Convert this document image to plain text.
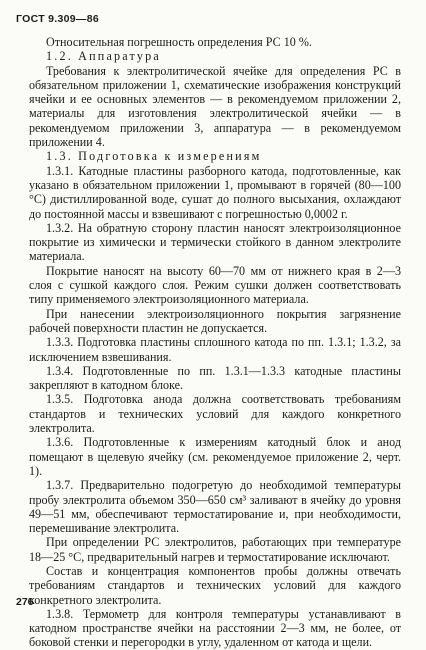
ГОСТ 9.309—86

Относительная погрешность определения РС 10 %.

1.2. Аппаратура

Требования к электролитической ячейке для определения РС в обязательном приложении 1, схематические изображения конструкций ячейки и ее основных элементов — в рекомендуемом приложении 2, материалы для изготовления электролитической ячейки — в рекомендуемом приложении 3, аппаратура — в рекомендуемом приложении 4.

1.3. Подготовка к измерениям

1.3.1. Катодные пластины разборного катода, подготовленные, как указано в обязательном приложении 1, промывают в горячей (80—100 °С) дистиллированной воде, сушат до полного высыхания, охлаждают до постоянной массы и взвешивают с погрешностью 0,0002 г.

1.3.2. На обратную сторону пластин наносят электроизоляционное покрытие из химически и термически стойкого в данном электролите материала.

Покрытие наносят на высоту 60—70 мм от нижнего края в 2—3 слоя с сушкой каждого слоя. Режим сушки должен соответствовать типу применяемого электроизоляционного материала.

При нанесении электроизоляционного покрытия загрязнение рабочей поверхности пластин не допускается.

1.3.3. Подготовка пластины сплошного катода по пп. 1.3.1; 1.3.2, за исключением взвешивания.

1.3.4. Подготовленные по пп. 1.3.1—1.3.3 катодные пластины закрепляют в катодном блоке.

1.3.5. Подготовка анода должна соответствовать требованиям стандартов и технических условий для каждого конкретного электролита.

1.3.6. Подготовленные к измерениям катодный блок и анод помещают в щелевую ячейку (см. рекомендуемое приложение 2, черт. 1).

1.3.7. Предварительно подогретую до необходимой температуры пробу электролита объемом 350—650 см³ заливают в ячейку до уровня 49—51 мм, обеспечивают термостатирование и, при необходимости, перемешивание электролита.

При определении РС электролитов, работающих при температуре 18—25 °С, предварительный нагрев и термостатирование исключают.

Состав и концентрация компонентов пробы должны отвечать требованиям стандартов и технических условий для каждого конкретного электролита.

1.3.8. Термометр для контроля температуры устанавливают в катодном пространстве ячейки на расстоянии 2—3 мм, не более, от боковой стенки и перегородки в углу, удаленном от катода и щели.

276
